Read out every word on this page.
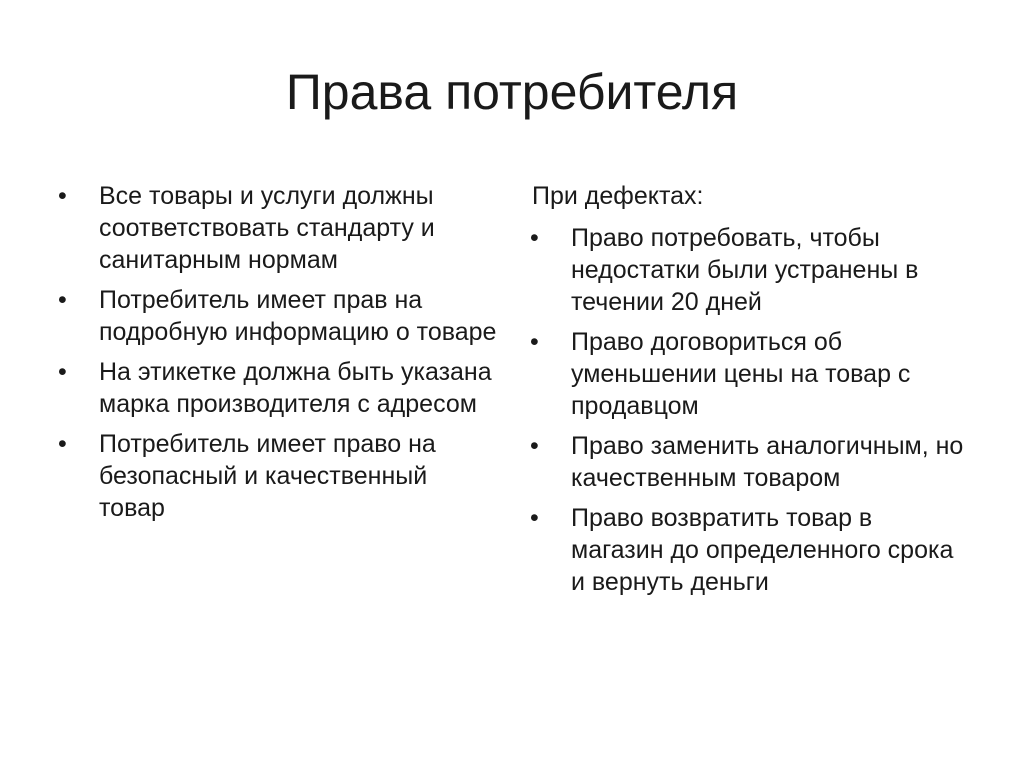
Права потребителя
•	Все товары и услуги должны соответствовать стандарту и санитарным нормам
•	Потребитель имеет прав на подробную информацию о товаре
•	На этикетке должна быть указана марка производителя с адресом
•	Потребитель имеет право на безопасный и качественный товар
При дефектах:
•	Право потребовать, чтобы недостатки были устранены в течении 20 дней
•	Право договориться об уменьшении цены на товар с продавцом
•	Право заменить аналогичным, но качественным товаром
•	Право возвратить товар в магазин до определенного срока и вернуть деньги
